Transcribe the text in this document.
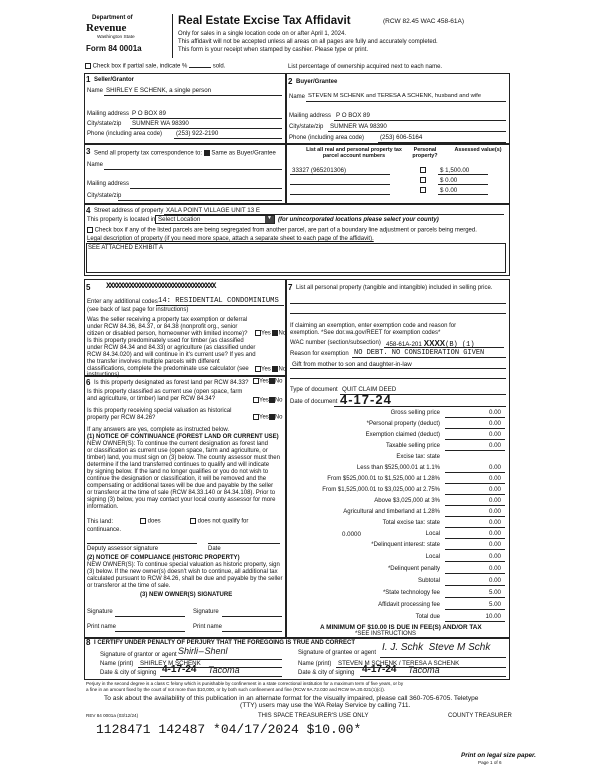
Department of
Revenue
Washington State
Form 84 0001a
Real Estate Excise Tax Affidavit	(RCW 82.45 WAC 458-61A)
Only for sales in a single location code on or after April 1, 2024.
This affidavit will not be accepted unless all areas on all pages are fully and accurately completed.
This form is your receipt when stamped by cashier. Please type or print.
Check box if partial sale, indicate %	sold.	List percentage of ownership acquired next to each name.
1 Seller/Grantor
Name SHIRLEY E SCHENK, a single person
Mailing address P O BOX 89
City/state/zip SUMNER WA 98390
Phone (including area code) (253) 922-2190
2 Buyer/Grantee
Name STEVEN M SCHENK and TERESA A SCHENK, husband and wife
Mailing address P O BOX 89
City/state/zip SUMNER WA 98390
Phone (including area code)	(253) 606-5164
3 Send all property tax correspondence to: Same as Buyer/Grantee
Name
Mailing address
City/state/zip
List all real and personal property tax parcel account numbers
Personal property?
Assessed value(s)
33327 (965201306)	$ 1,500.00
$ 0.00
$ 0.00
4 Street address of property XALA POINT VILLAGE UNIT 13 E
This property is located in Select Location	▼	(for unincorporated locations please select your county)
Check box if any of the listed parcels are being segregated from another parcel, are part of a boundary line adjustment or parcels being merged.
Legal description of property (if you need more space, attach a separate sheet to each page of the affidavit).
SEE ATTACHED EXHIBIT A
5 XXXXXXXXXXXXXXXXXXXXXXXXXXXXXXXXX
Enter any additional codes 14: RESIDENTIAL CONDOMINIUMS
(see back of last page for instructions)
Was the seller receiving a property tax exemption or deferral under RCW 84.36, 84.37, or 84.38 (nonprofit org., senior citizen or disabled person, homeowner with limited income)?	Yes No
Is this property predominately used for timber (as classified under RCW 84.34 and 84.33) or agriculture (as classified under RCW 84.34.020) and will continue in it's current use? If yes and the transfer involves multiple parcels with different classifications, complete the predominate use calculator (see instructions)
Yes No
6 Is this property designated as forest land per RCW 84.33?	Yes No
Is this property classified as current use (open space, farm and agriculture, or timber) land per RCW 84.34?	Yes No
Is this property receiving special valuation as historical property per RCW 84.26?	Yes No
If any answers are yes, complete as instructed below.
(1) NOTICE OF CONTINUANCE (FOREST LAND OR CURRENT USE)
NEW OWNER(S): To continue the current designation as forest land
or classification as current use (open space, farm and agriculture, or
timber) land, you must sign on (3) below. The county assessor must then
determine if the land transferred continues to qualify and will indicate
by signing below. If the land no longer qualifies or you do not wish to
continue the designation or classification, it will be removed and the
compensating or additional taxes will be due and payable by the seller
or transferor at the time of sale (RCW 84.33.140 or 84.34.108). Prior to
signing (3) below, you may contact your local county assessor for more
information.
This land:	does	does not qualify for
continuance.
Deputy assessor signature	Date
(2) NOTICE OF COMPLIANCE (HISTORIC PROPERTY)
NEW OWNER(S): To continue special valuation as historic property, sign
(3) below. If the new owner(s) doesn't wish to continue, all additional tax
calculated pursuant to RCW 84.26, shall be due and payable by the seller
or transferor at the time of sale.
(3) NEW OWNER(S) SIGNATURE
Signature	Signature
Print name	Print name
7 List all personal property (tangible and intangible) included in selling price.
If claiming an exemption, enter exemption code and reason for exemption. *See dor.wa.gov/REET for exemption codes*
WAC number (section/subsection) 458-61A-201 XXXX(B) (1)
Reason for exemption NO DEBT. NO CONSIDERATION GIVEN
Gift from mother to son and daughter-in-law
Type of document QUIT CLAIM DEED
Date of document 4-17-24
Gross selling price	0.00
*Personal property (deduct)	0.00
Exemption claimed (deduct)	0.00
Taxable selling price	0.00
Excise tax: state
Less than $525,000.01 at 1.1%	0.00
From $525,000.01 to $1,525,000 at 1.28%	0.00
From $1,525,000.01 to $3,025,000 at 2.75%	0.00
Above $3,025,000 at 3%	0.00
Agricultural and timberland at 1.28%	0.00
Total excise tax: state	0.00
0.0000	Local	0.00
*Delinquent interest: state	0.00
Local	0.00
*Delinquent penalty	0.00
Subtotal	0.00
*State technology fee	5.00
Affidavit processing fee	5.00
Total due	10.00
A MINIMUM OF $10.00 IS DUE IN FEE(S) AND/OR TAX
*SEE INSTRUCTIONS
8 I CERTIFY UNDER PENALTY OF PERJURY THAT THE FOREGOING IS TRUE AND CORRECT
Signature of grantor or agent Shirli – Shenl
Name (print) SHIRLEY M SCHENK
Date & city of signing 4-17-24 Tacoma
Signature of grantee or agent I. J. Schk  Steve M Schk
Name (print) STEVEN M SCHENK / TERESA A SCHENK
Date & city of signing 4-17-24 Tacoma
Perjury in the second degree is a class C felony which is punishable by confinement in a state correctional institution for a maximum term of five years, or by
a fine in an amount fixed by the court of not more than $10,000, or by both such confinement and fine (RCW 9A.72.030 and RCW 9A.20.021(1)(c)).
To ask about the availability of this publication in an alternate format for the visually impaired, please call 360-705-6705. Teletype
(TTY) users may use the WA Relay Service by calling 711.
REV 84 0001a (03/12/24)	THIS SPACE TREASURER'S USE ONLY	COUNTY TREASURER
1128471 142487 *04/17/2024 $10.00*
Print on legal size paper.
Page 1 of 6
